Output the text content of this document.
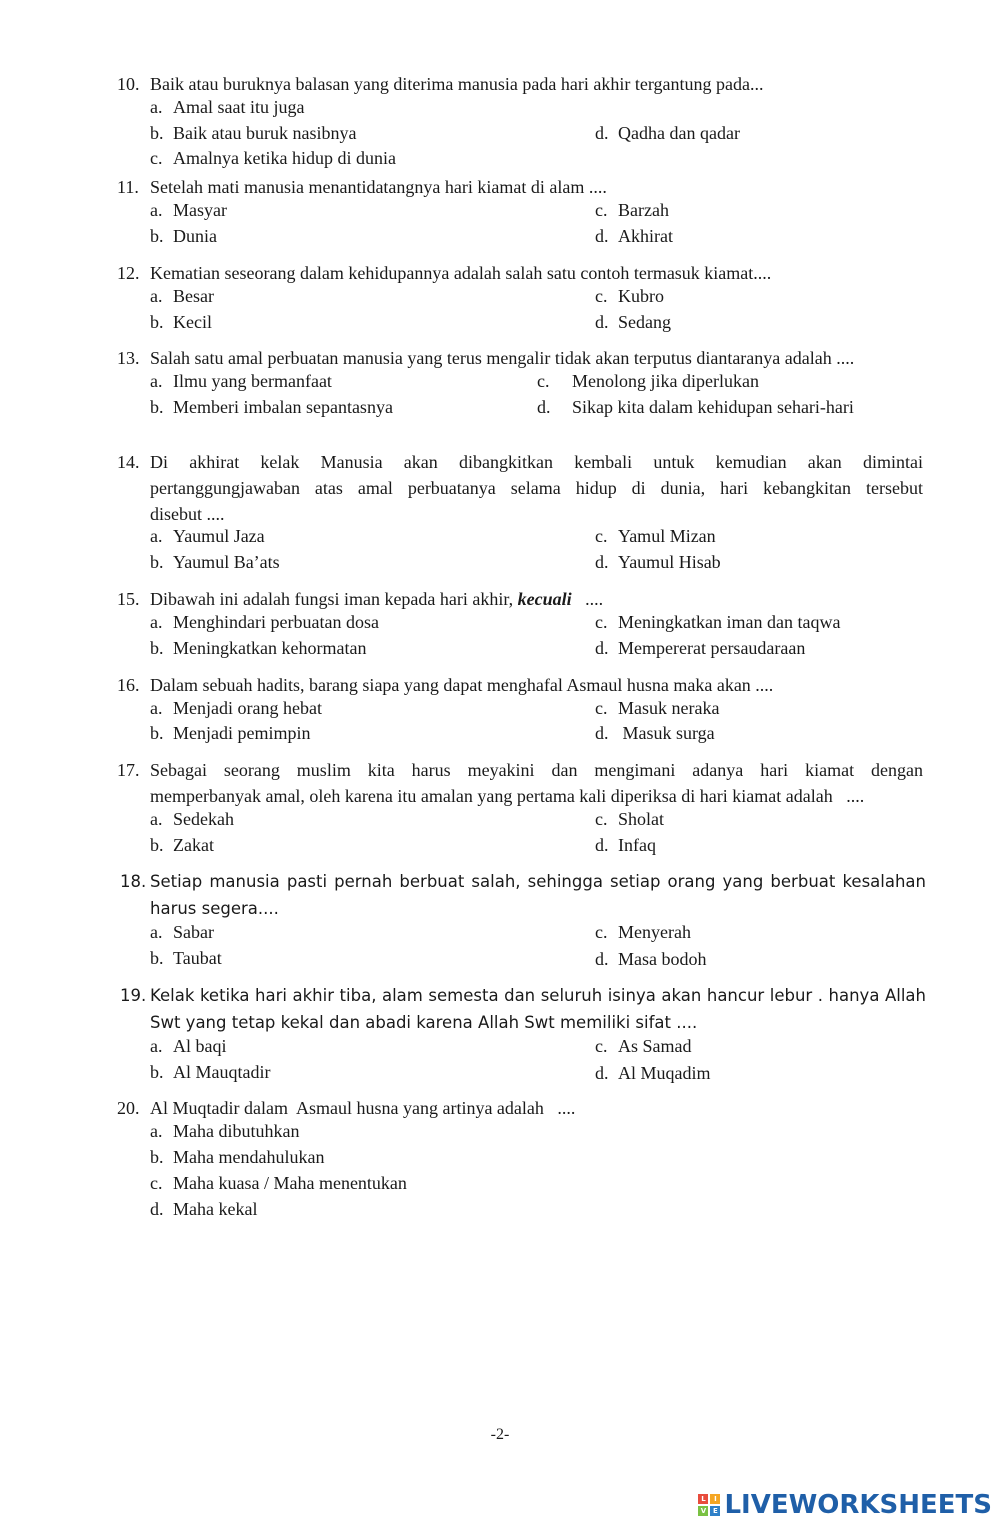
10. Baik atau buruknya balasan yang diterima manusia pada hari akhir tergantung pada...
a. Amal saat itu juga
b. Baik atau buruk nasibnya	d. Qadha dan qadar
c. Amalnya ketika hidup di dunia
11. Setelah mati manusia menantidatangnya hari kiamat di alam ....
a. Masyar	c. Barzah
b. Dunia	d. Akhirat
12. Kematian seseorang dalam kehidupannya adalah salah satu contoh termasuk kiamat....
a. Besar	c. Kubro
b. Kecil	d. Sedang
13. Salah satu amal perbuatan manusia yang terus mengalir tidak akan terputus diantaranya adalah ....
a. Ilmu yang bermanfaat	c. Menolong jika diperlukan
b. Memberi imbalan sepantasnya	d. Sikap kita dalam kehidupan sehari-hari
14. Di akhirat kelak Manusia akan dibangkitkan kembali untuk kemudian akan dimintai
pertanggungjawaban atas amal perbuatanya selama hidup di dunia, hari kebangkitan tersebut
disebut ....
a. Yaumul Jaza	c. Yamul Mizan
b. Yaumul Ba’ats	d. Yaumul Hisab
15. Dibawah ini adalah fungsi iman kepada hari akhir, kecuali   ....
a. Menghindari perbuatan dosa	c. Meningkatkan iman dan taqwa
b. Meningkatkan kehormatan	d. Mempererat persaudaraan
16. Dalam sebuah hadits, barang siapa yang dapat menghafal Asmaul husna maka akan ....
a. Menjadi orang hebat	c. Masuk neraka
b. Menjadi pemimpin	d. Masuk surga
17. Sebagai seorang muslim kita harus meyakini dan mengimani adanya hari kiamat dengan
memperbanyak amal, oleh karena itu amalan yang pertama kali diperiksa di hari kiamat adalah   ....
a. Sedekah	c. Sholat
b. Zakat	d. Infaq
18. Setiap manusia pasti pernah berbuat salah, sehingga setiap orang yang berbuat kesalahan
harus segera....
a. Sabar	c. Menyerah
b. Taubat	d. Masa bodoh
19. Kelak ketika hari akhir tiba, alam semesta dan seluruh isinya akan hancur lebur . hanya Allah
Swt yang tetap kekal dan abadi karena Allah Swt memiliki sifat ....
a. Al baqi	c. As Samad
b. Al Mauqtadir	d. Al Muqadim
20. Al Muqtadir dalam  Asmaul husna yang artinya adalah   ....
a. Maha dibutuhkan
b. Maha mendahulukan
c. Maha kuasa / Maha menentukan
d. Maha kekal
-2-
L	I
V E LIVEWORKSHEETS
